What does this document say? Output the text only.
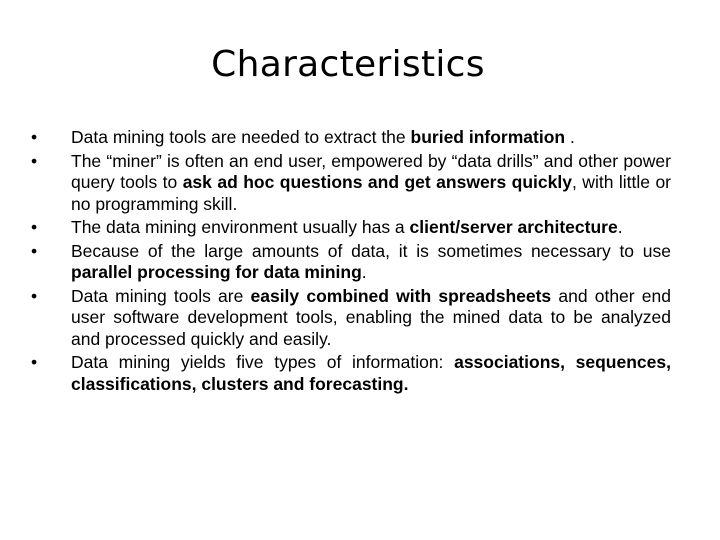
Characteristics
• Data mining tools are needed to extract the buried information .
• The “miner” is often an end user, empowered by “data drills” and other power query tools to ask ad hoc questions and get answers quickly, with little or no programming skill.
• The data mining environment usually has a client/server architecture.
• Because of the large amounts of data, it is sometimes necessary to use parallel processing for data mining.
• Data mining tools are easily combined with spreadsheets and other end user software development tools, enabling the mined data to be analyzed and processed quickly and easily.
• Data mining yields five types of information: associations, sequences, classifications, clusters and forecasting.
